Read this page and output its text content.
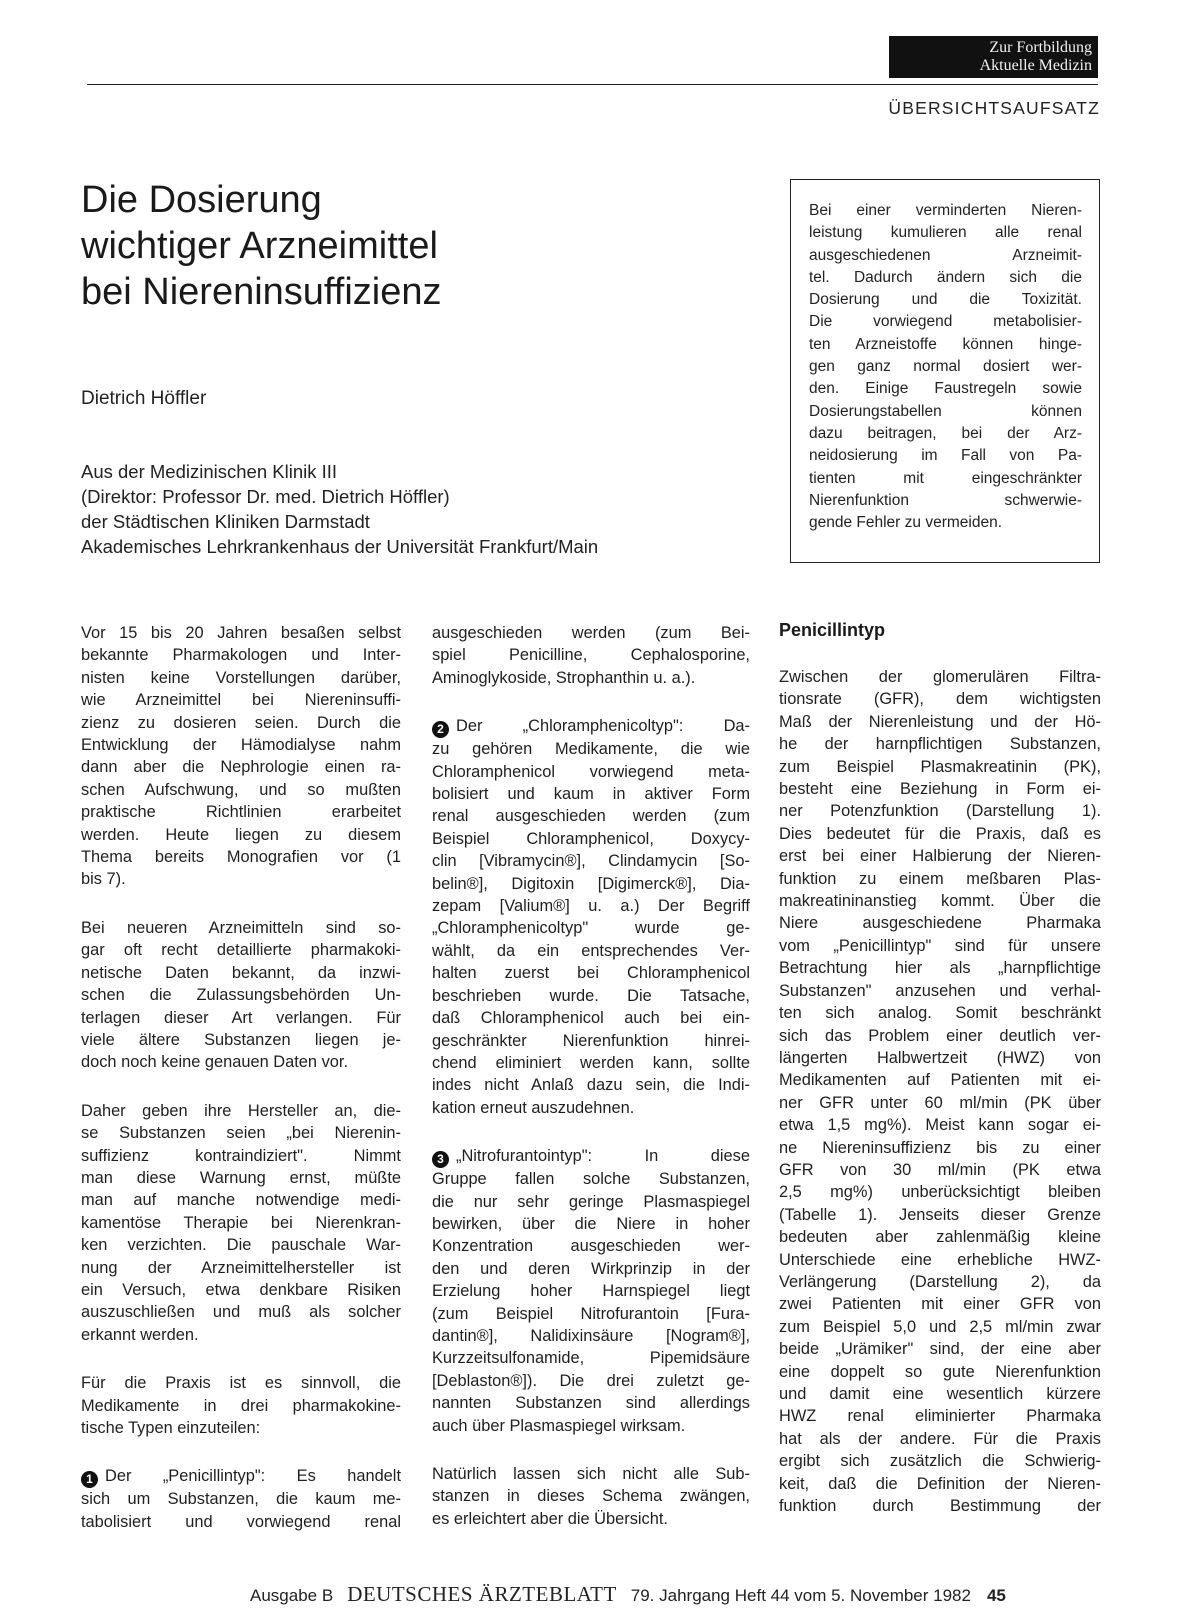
Zur Fortbildung
Aktuelle Medizin
ÜBERSICHTSAUFSATZ
Die Dosierung
wichtiger Arzneimittel
bei Niereninsuffizienz
Dietrich Höffler
Aus der Medizinischen Klinik III
(Direktor: Professor Dr. med. Dietrich Höffler)
der Städtischen Kliniken Darmstadt
Akademisches Lehrkrankenhaus der Universität Frankfurt/Main
Bei einer verminderten Nieren-
leistung kumulieren alle renal
ausgeschiedenen Arzneimit-
tel. Dadurch ändern sich die
Dosierung und die Toxizität.
Die vorwiegend metabolisier-
ten Arzneistoffe können hinge-
gen ganz normal dosiert wer-
den. Einige Faustregeln sowie
Dosierungstabellen können
dazu beitragen, bei der Arz-
neidosierung im Fall von Pa-
tienten mit eingeschränkter
Nierenfunktion schwerwie-
gende Fehler zu vermeiden.
Vor 15 bis 20 Jahren besaßen selbst
bekannte Pharmakologen und Inter-
nisten keine Vorstellungen darüber,
wie Arzneimittel bei Niereninsuffi-
zienz zu dosieren seien. Durch die
Entwicklung der Hämodialyse nahm
dann aber die Nephrologie einen ra-
schen Aufschwung, und so mußten
praktische Richtlinien erarbeitet
werden. Heute liegen zu diesem
Thema bereits Monografien vor (1
bis 7).
Bei neueren Arzneimitteln sind so-
gar oft recht detaillierte pharmakoki-
netische Daten bekannt, da inzwi-
schen die Zulassungsbehörden Un-
terlagen dieser Art verlangen. Für
viele ältere Substanzen liegen je-
doch noch keine genauen Daten vor.
Daher geben ihre Hersteller an, die-
se Substanzen seien „bei Nierenin-
suffizienz kontraindiziert". Nimmt
man diese Warnung ernst, müßte
man auf manche notwendige medi-
kamentöse Therapie bei Nierenkran-
ken verzichten. Die pauschale War-
nung der Arzneimittelhersteller ist
ein Versuch, etwa denkbare Risiken
auszuschließen und muß als solcher
erkannt werden.
Für die Praxis ist es sinnvoll, die
Medikamente in drei pharmakokine-
tische Typen einzuteilen:
1 Der „Penicillintyp": Es handelt
sich um Substanzen, die kaum me-
tabolisiert und vorwiegend renal
ausgeschieden werden (zum Bei-
spiel Penicilline, Cephalosporine,
Aminoglykoside, Strophanthin u. a.).
2 Der „Chloramphenicoltyp": Da-
zu gehören Medikamente, die wie
Chloramphenicol vorwiegend meta-
bolisiert und kaum in aktiver Form
renal ausgeschieden werden (zum
Beispiel Chloramphenicol, Doxycy-
clin [Vibramycin®], Clindamycin [So-
belin®], Digitoxin [Digimerck®], Dia-
zepam [Valium®] u. a.) Der Begriff
„Chloramphenicoltyp" wurde ge-
wählt, da ein entsprechendes Ver-
halten zuerst bei Chloramphenicol
beschrieben wurde. Die Tatsache,
daß Chloramphenicol auch bei ein-
geschränkter Nierenfunktion hinrei-
chend eliminiert werden kann, sollte
indes nicht Anlaß dazu sein, die Indi-
kation erneut auszudehnen.
3 „Nitrofurantointyp": In diese
Gruppe fallen solche Substanzen,
die nur sehr geringe Plasmaspiegel
bewirken, über die Niere in hoher
Konzentration ausgeschieden wer-
den und deren Wirkprinzip in der
Erzielung hoher Harnspiegel liegt
(zum Beispiel Nitrofurantoin [Fura-
dantin®], Nalidixinsäure [Nogram®],
Kurzzeitsulfonamide, Pipemidsäure
[Deblaston®]). Die drei zuletzt ge-
nannten Substanzen sind allerdings
auch über Plasmaspiegel wirksam.
Natürlich lassen sich nicht alle Sub-
stanzen in dieses Schema zwängen,
es erleichtert aber die Übersicht.
Penicillintyp
Zwischen der glomerulären Filtra-
tionsrate (GFR), dem wichtigsten
Maß der Nierenleistung und der Hö-
he der harnpflichtigen Substanzen,
zum Beispiel Plasmakreatinin (PK),
besteht eine Beziehung in Form ei-
ner Potenzfunktion (Darstellung 1).
Dies bedeutet für die Praxis, daß es
erst bei einer Halbierung der Nieren-
funktion zu einem meßbaren Plas-
makreatininanstieg kommt. Über die
Niere ausgeschiedene Pharmaka
vom „Penicillintyp" sind für unsere
Betrachtung hier als „harnpflichtige
Substanzen" anzusehen und verhal-
ten sich analog. Somit beschränkt
sich das Problem einer deutlich ver-
längerten Halbwertzeit (HWZ) von
Medikamenten auf Patienten mit ei-
ner GFR unter 60 ml/min (PK über
etwa 1,5 mg%). Meist kann sogar ei-
ne Niereninsuffizienz bis zu einer
GFR von 30 ml/min (PK etwa
2,5 mg%) unberücksichtigt bleiben
(Tabelle 1). Jenseits dieser Grenze
bedeuten aber zahlenmäßig kleine
Unterschiede eine erhebliche HWZ-
Verlängerung (Darstellung 2), da
zwei Patienten mit einer GFR von
zum Beispiel 5,0 und 2,5 ml/min zwar
beide „Urämiker" sind, der eine aber
eine doppelt so gute Nierenfunktion
und damit eine wesentlich kürzere
HWZ renal eliminierter Pharmaka
hat als der andere. Für die Praxis
ergibt sich zusätzlich die Schwierig-
keit, daß die Definition der Nieren-
funktion durch Bestimmung der
Ausgabe B DEUTSCHES ÄRZTEBLATT 79. Jahrgang Heft 44 vom 5. November 1982 45
